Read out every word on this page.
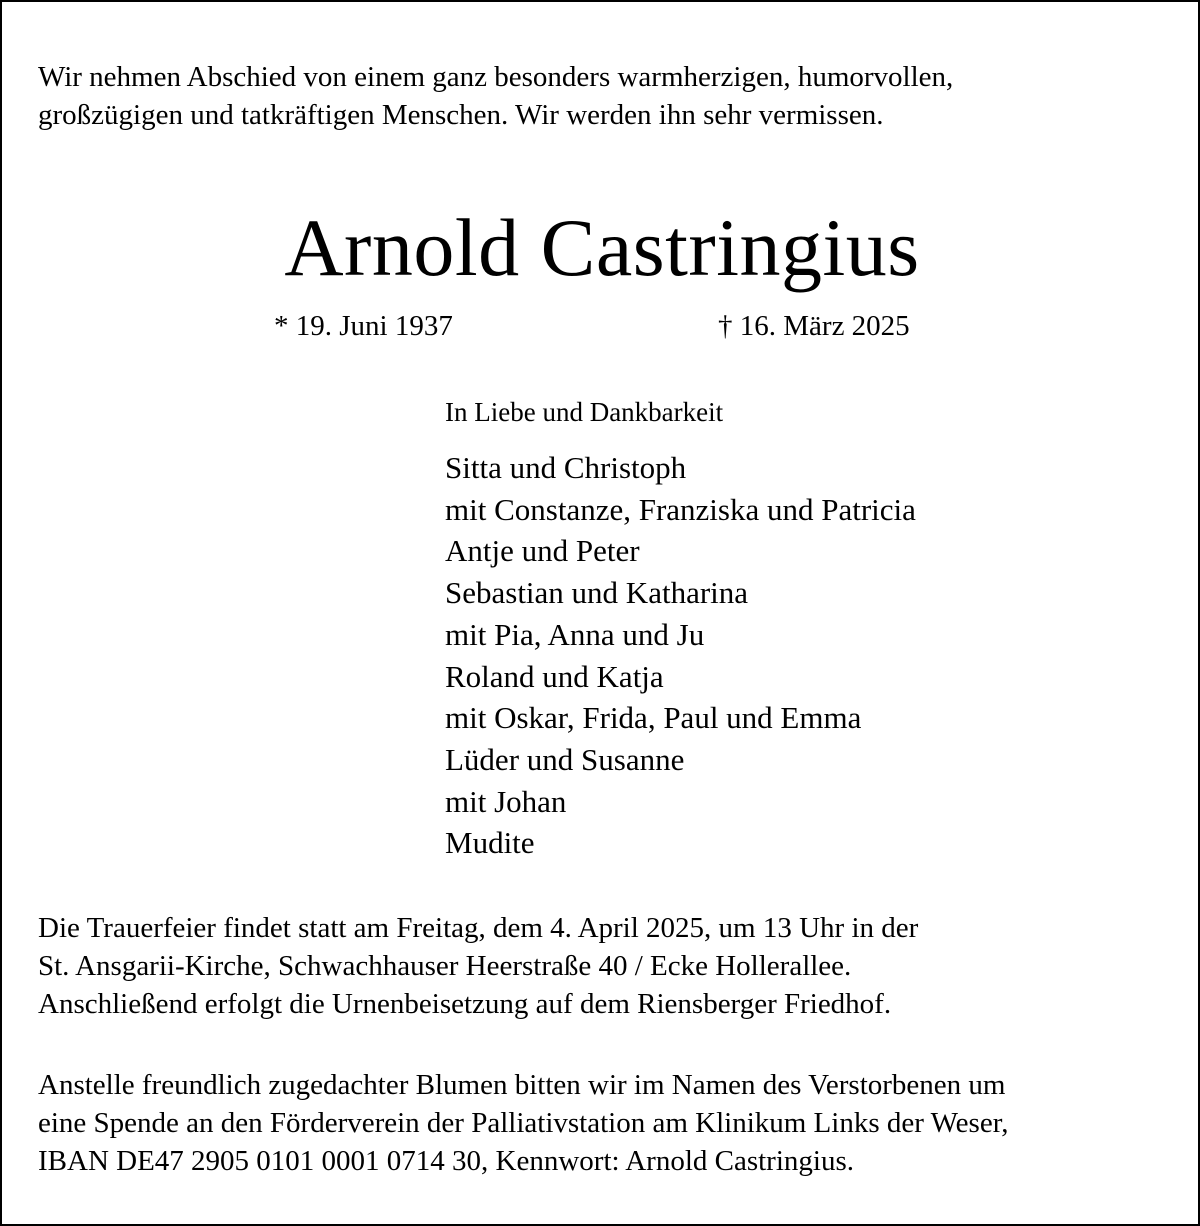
Wir nehmen Abschied von einem ganz besonders warmherzigen, humorvollen,
großzügigen und tatkräftigen Menschen. Wir werden ihn sehr vermissen.

Arnold Castringius
* 19. Juni 1937	† 16. März 2025
In Liebe und Dankbarkeit
Sitta und Christoph
mit Constanze, Franziska und Patricia
Antje und Peter
Sebastian und Katharina
mit Pia, Anna und Ju
Roland und Katja
mit Oskar, Frida, Paul und Emma
Lüder und Susanne
mit Johan
Mudite

Die Trauerfeier findet statt am Freitag, dem 4. April 2025, um 13 Uhr in der
St. Ansgarii-Kirche, Schwachhauser Heerstraße 40 / Ecke Hollerallee.
Anschließend erfolgt die Urnenbeisetzung auf dem Riensberger Friedhof.

Anstelle freundlich zugedachter Blumen bitten wir im Namen des Verstorbenen um
eine Spende an den Förderverein der Palliativstation am Klinikum Links der Weser,
IBAN DE47 2905 0101 0001 0714 30, Kennwort: Arnold Castringius.
